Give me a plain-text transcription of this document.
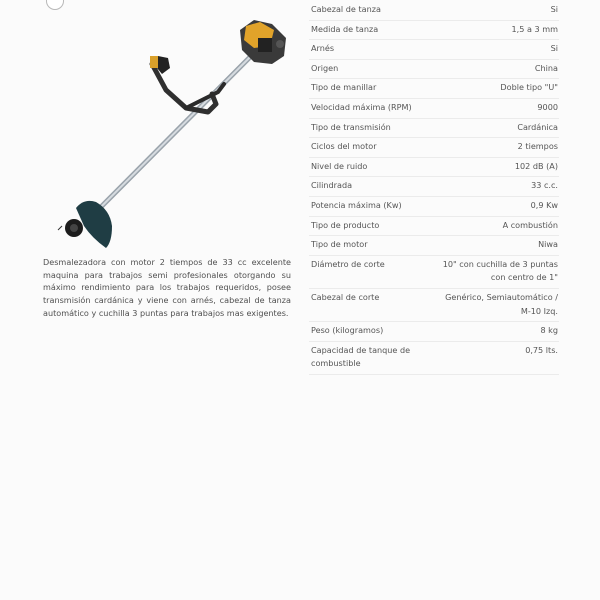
Desmalezadora con motor 2 tiempos de 33 cc excelente maquina para trabajos semi profesionales otorgando su máximo rendimiento para los trabajos requeridos, posee transmisión cardánica y viene con arnés, cabezal de tanza automático y cuchilla 3 puntas para trabajos mas exigentes.

Cabezal de tanza	Si
Medida de tanza	1,5 a 3 mm
Arnés	Si
Origen	China
Tipo de manillar	Doble tipo "U"
Velocidad máxima (RPM)	9000
Tipo de transmisión	Cardánica
Ciclos del motor	2 tiempos
Nivel de ruido	102 dB (A)
Cilindrada	33 c.c.
Potencia máxima (Kw)	0,9 Kw
Tipo de producto	A combustión
Tipo de motor	Niwa
Diámetro de corte	10" con cuchilla de 3 puntas con centro de 1"
Cabezal de corte	Genérico, Semiautomático / M-10 Izq.
Peso (kilogramos)	8 kg
Capacidad de tanque de combustible	0,75 lts.
